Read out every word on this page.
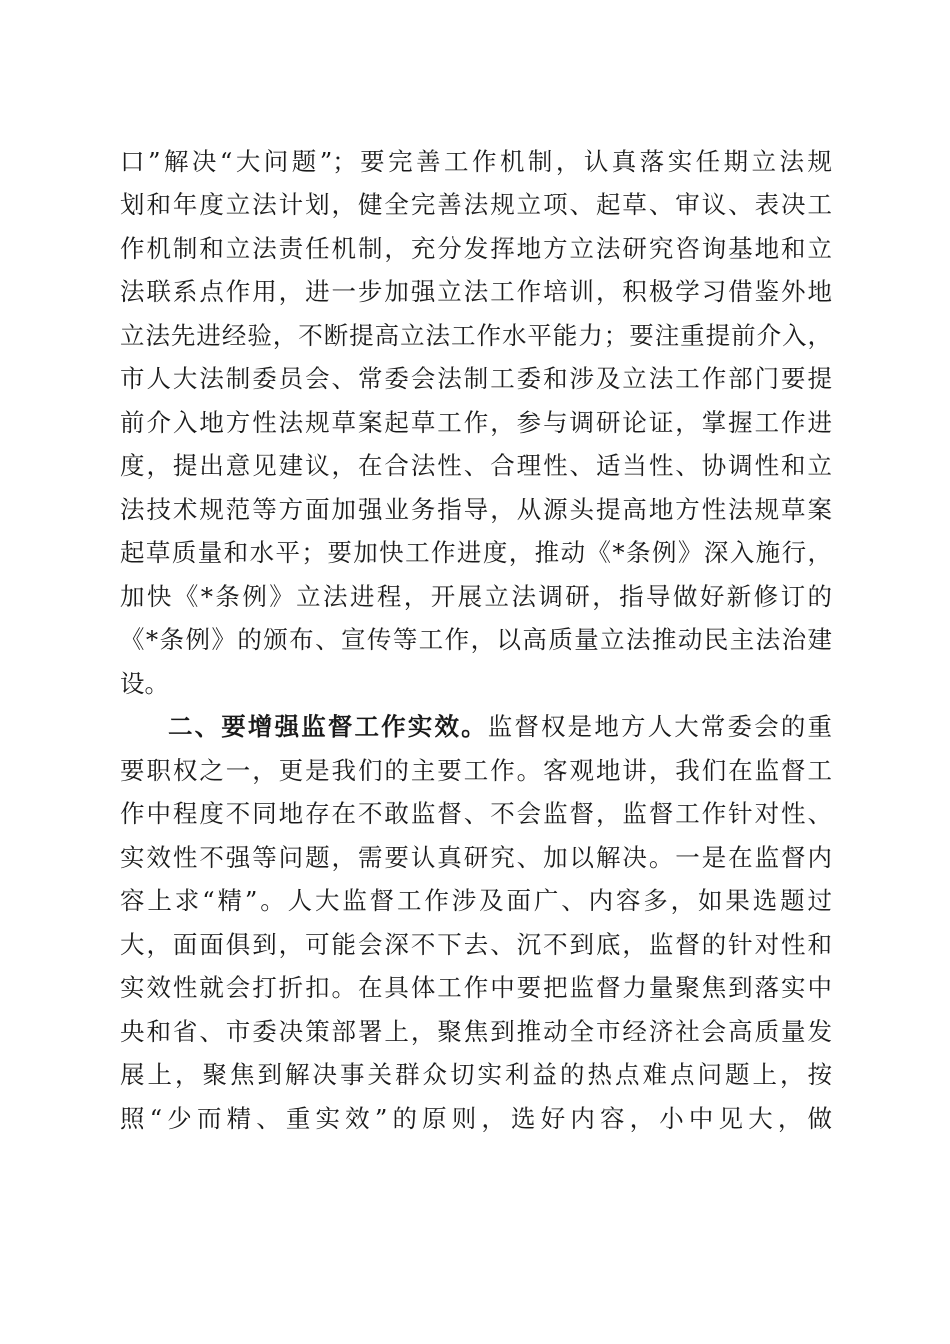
口”解决“大问题”；要完善工作机制，认真落实任期立法规
划和年度立法计划，健全完善法规立项、起草、审议、表决工
作机制和立法责任机制，充分发挥地方立法研究咨询基地和立
法联系点作用，进一步加强立法工作培训，积极学习借鉴外地
立法先进经验，不断提高立法工作水平能力；要注重提前介入，
市人大法制委员会、常委会法制工委和涉及立法工作部门要提
前介入地方性法规草案起草工作，参与调研论证，掌握工作进
度，提出意见建议，在合法性、合理性、适当性、协调性和立
法技术规范等方面加强业务指导，从源头提高地方性法规草案
起草质量和水平；要加快工作进度，推动《*条例》深入施行，
加快《*条例》立法进程，开展立法调研，指导做好新修订的
《*条例》的颁布、宣传等工作，以高质量立法推动民主法治建
设。
二、要增强监督工作实效。监督权是地方人大常委会的重
要职权之一，更是我们的主要工作。客观地讲，我们在监督工
作中程度不同地存在不敢监督、不会监督，监督工作针对性、
实效性不强等问题，需要认真研究、加以解决。一是在监督内
容上求“精”。人大监督工作涉及面广、内容多，如果选题过
大，面面俱到，可能会深不下去、沉不到底，监督的针对性和
实效性就会打折扣。在具体工作中要把监督力量聚焦到落实中
央和省、市委决策部署上，聚焦到推动全市经济社会高质量发
展上，聚焦到解决事关群众切实利益的热点难点问题上，按
照“少而精、重实效”的原则，选好内容，小中见大，做
